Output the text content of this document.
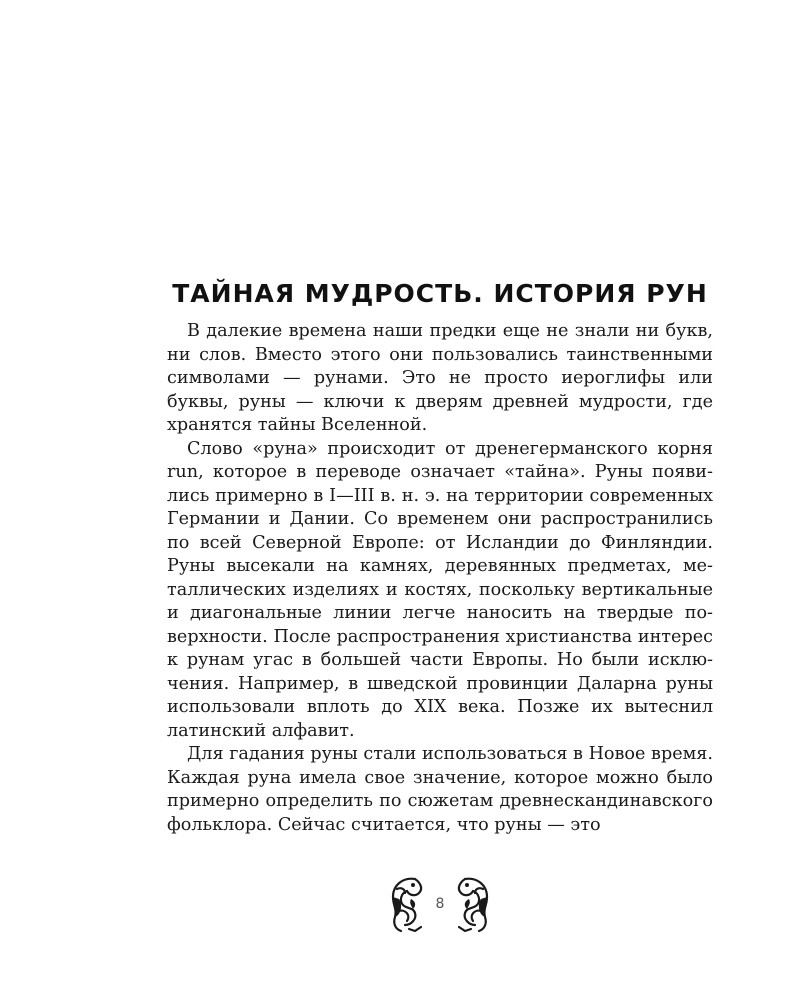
ТАЙНАЯ МУДРОСТЬ. ИСТОРИЯ РУН

В далекие времена наши предки еще не знали ни букв, ни слов. Вместо этого они пользовались таинственными символами — рунами. Это не просто иероглифы или буквы, руны — ключи к дверям древней мудрости, где хранятся тайны Вселенной.

Слово «руна» происходит от дренегерманского корня run, которое в переводе означает «тайна». Руны появились примерно в I—III в. н. э. на территории современных Германии и Дании. Со временем они распространились по всей Северной Европе: от Исландии до Финляндии. Руны высекали на камнях, деревянных предметах, металлических изделиях и костях, поскольку вертикальные и диагональные линии легче наносить на твердые поверхности. После распространения христианства интерес к рунам угас в большей части Европы. Но были исключения. Например, в шведской провинции Даларна руны использовали вплоть до XIX века. Позже их вытеснил латинский алфавит.

Для гадания руны стали использоваться в Новое время. Каждая руна имела свое значение, которое можно было примерно определить по сюжетам древнескандинавского фольклора. Сейчас считается, что руны — это

8
